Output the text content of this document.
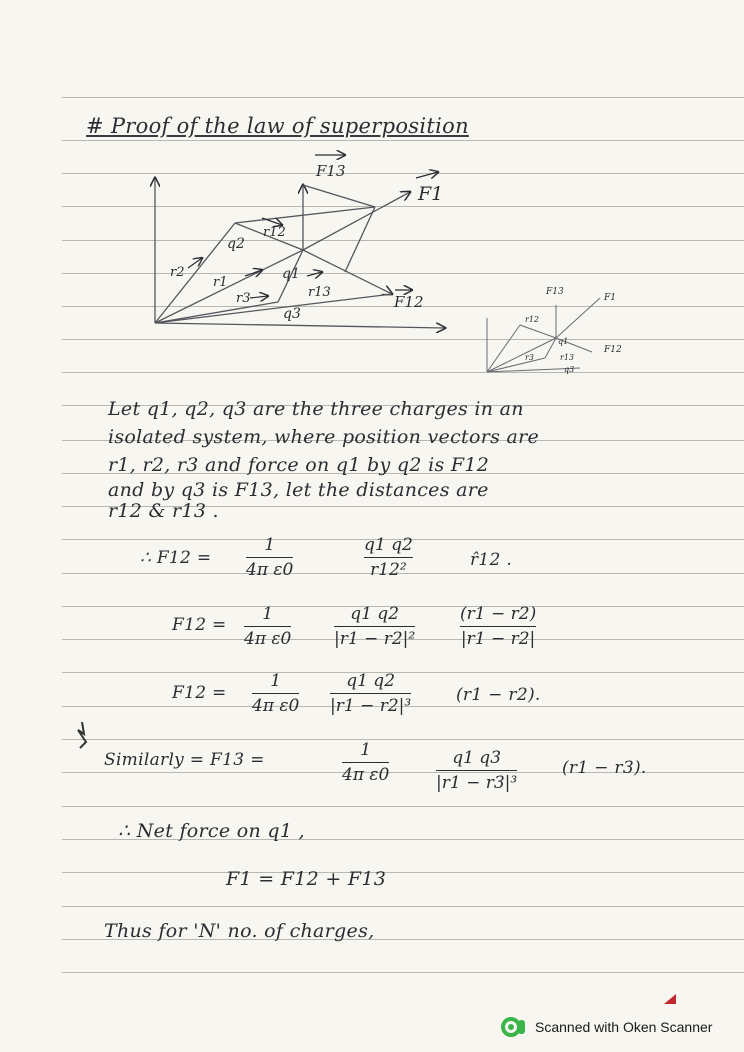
# Proof of the law of superposition
F13
F1
r12
q2
r2
r1
q1
r13
r3	F12
q3
F13
F1
r12
q1
F12
r13
q3
r3
Let q1, q2, q3 are the three charges in an
isolated system, where position vectors are
r1, r2, r3 and force on q1 by q2 is F12
and by q3 is F13, let the distances are
r12 & r13 .
∴ F12 =
1
4π ε0
q1 q2
r12²	r̂12 .
F12 =
1
4π ε0
q1 q2
|r1 − r2|²
(r1 − r2)
|r1 − r2|
F12 =
1
4π ε0
q1 q2
|r1 − r2|³
(r1 − r2).
Similarly = F13 =	1
4π ε0
q1 q3
|r1 − r3|³
(r1 − r3).
∴ Net force on q1 ,
F1 = F12 + F13
Thus for 'N' no. of charges,
Scanned with Oken Scanner
